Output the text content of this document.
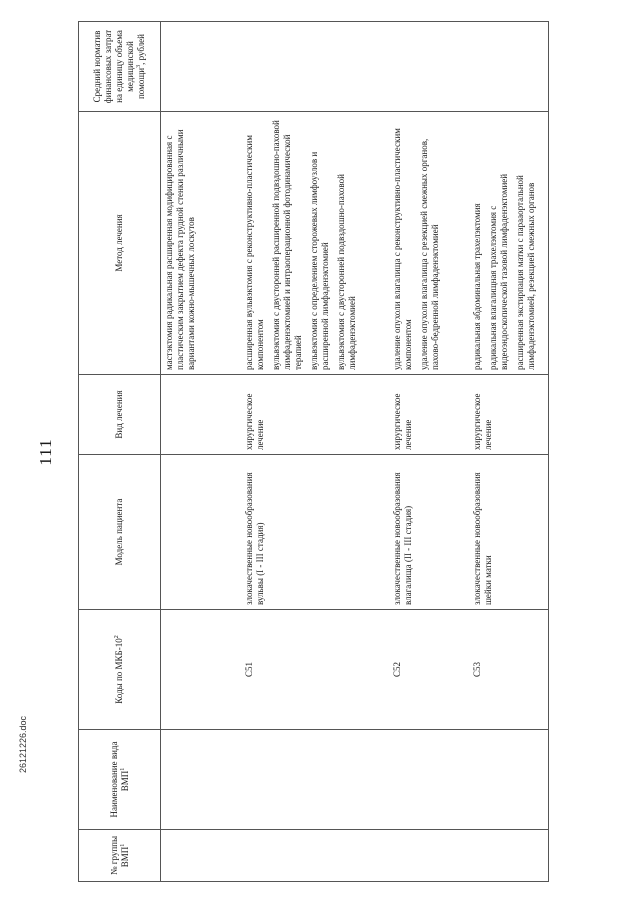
111
№ группы ВМП$^1$	Наименование вида ВМП$^1$	Коды по МКБ-$10^2$	Модель пациента	Вид лечения	Метод лечения	Средний норматив финансовых затрат на единицу объема медицинской помощи$^3$, рублей

					мастэктомия радикальная расширенная модифицированная с пластическим закрытием дефекта грудной стенки различными вариантами кожно-мышечных лоскутов	

		C51	злокачественные новообразования вульвы (I - III стадия)	хирургическое лечение	расширенная вульвэктомия с реконструктивно-пластическим компонентом вульвэктомия с двусторонней расширенной подвздошно-паховой лимфаденэктомией и интраоперационной фотодинамической терапией вульвэктомия с определением сторожевых лимфоузлов и расширенной лимфаденэктомией вульвэктомия с двусторонней подвздошно-паховой лимфаденэктомией	

		C52	злокачественные новообразования влагалища (II - III стадия)	хирургическое лечение	удаление опухоли влагалища с реконструктивно-пластическим компонентом удаление опухоли влагалища с резекцией смежных органов, пахово-бедренной лимфаденэктомией	

		C53	злокачественные новообразования шейки матки	хирургическое лечение	радикальная абдоминальная трахелэктомия радикальная влагалищная трахелэктомия с видеоэндоскопической тазовой лимфаденэктомией расширенная экстирпация матки с парааортальной лимфаденэктомией, резекцией смежных органов	

26121226.doc
